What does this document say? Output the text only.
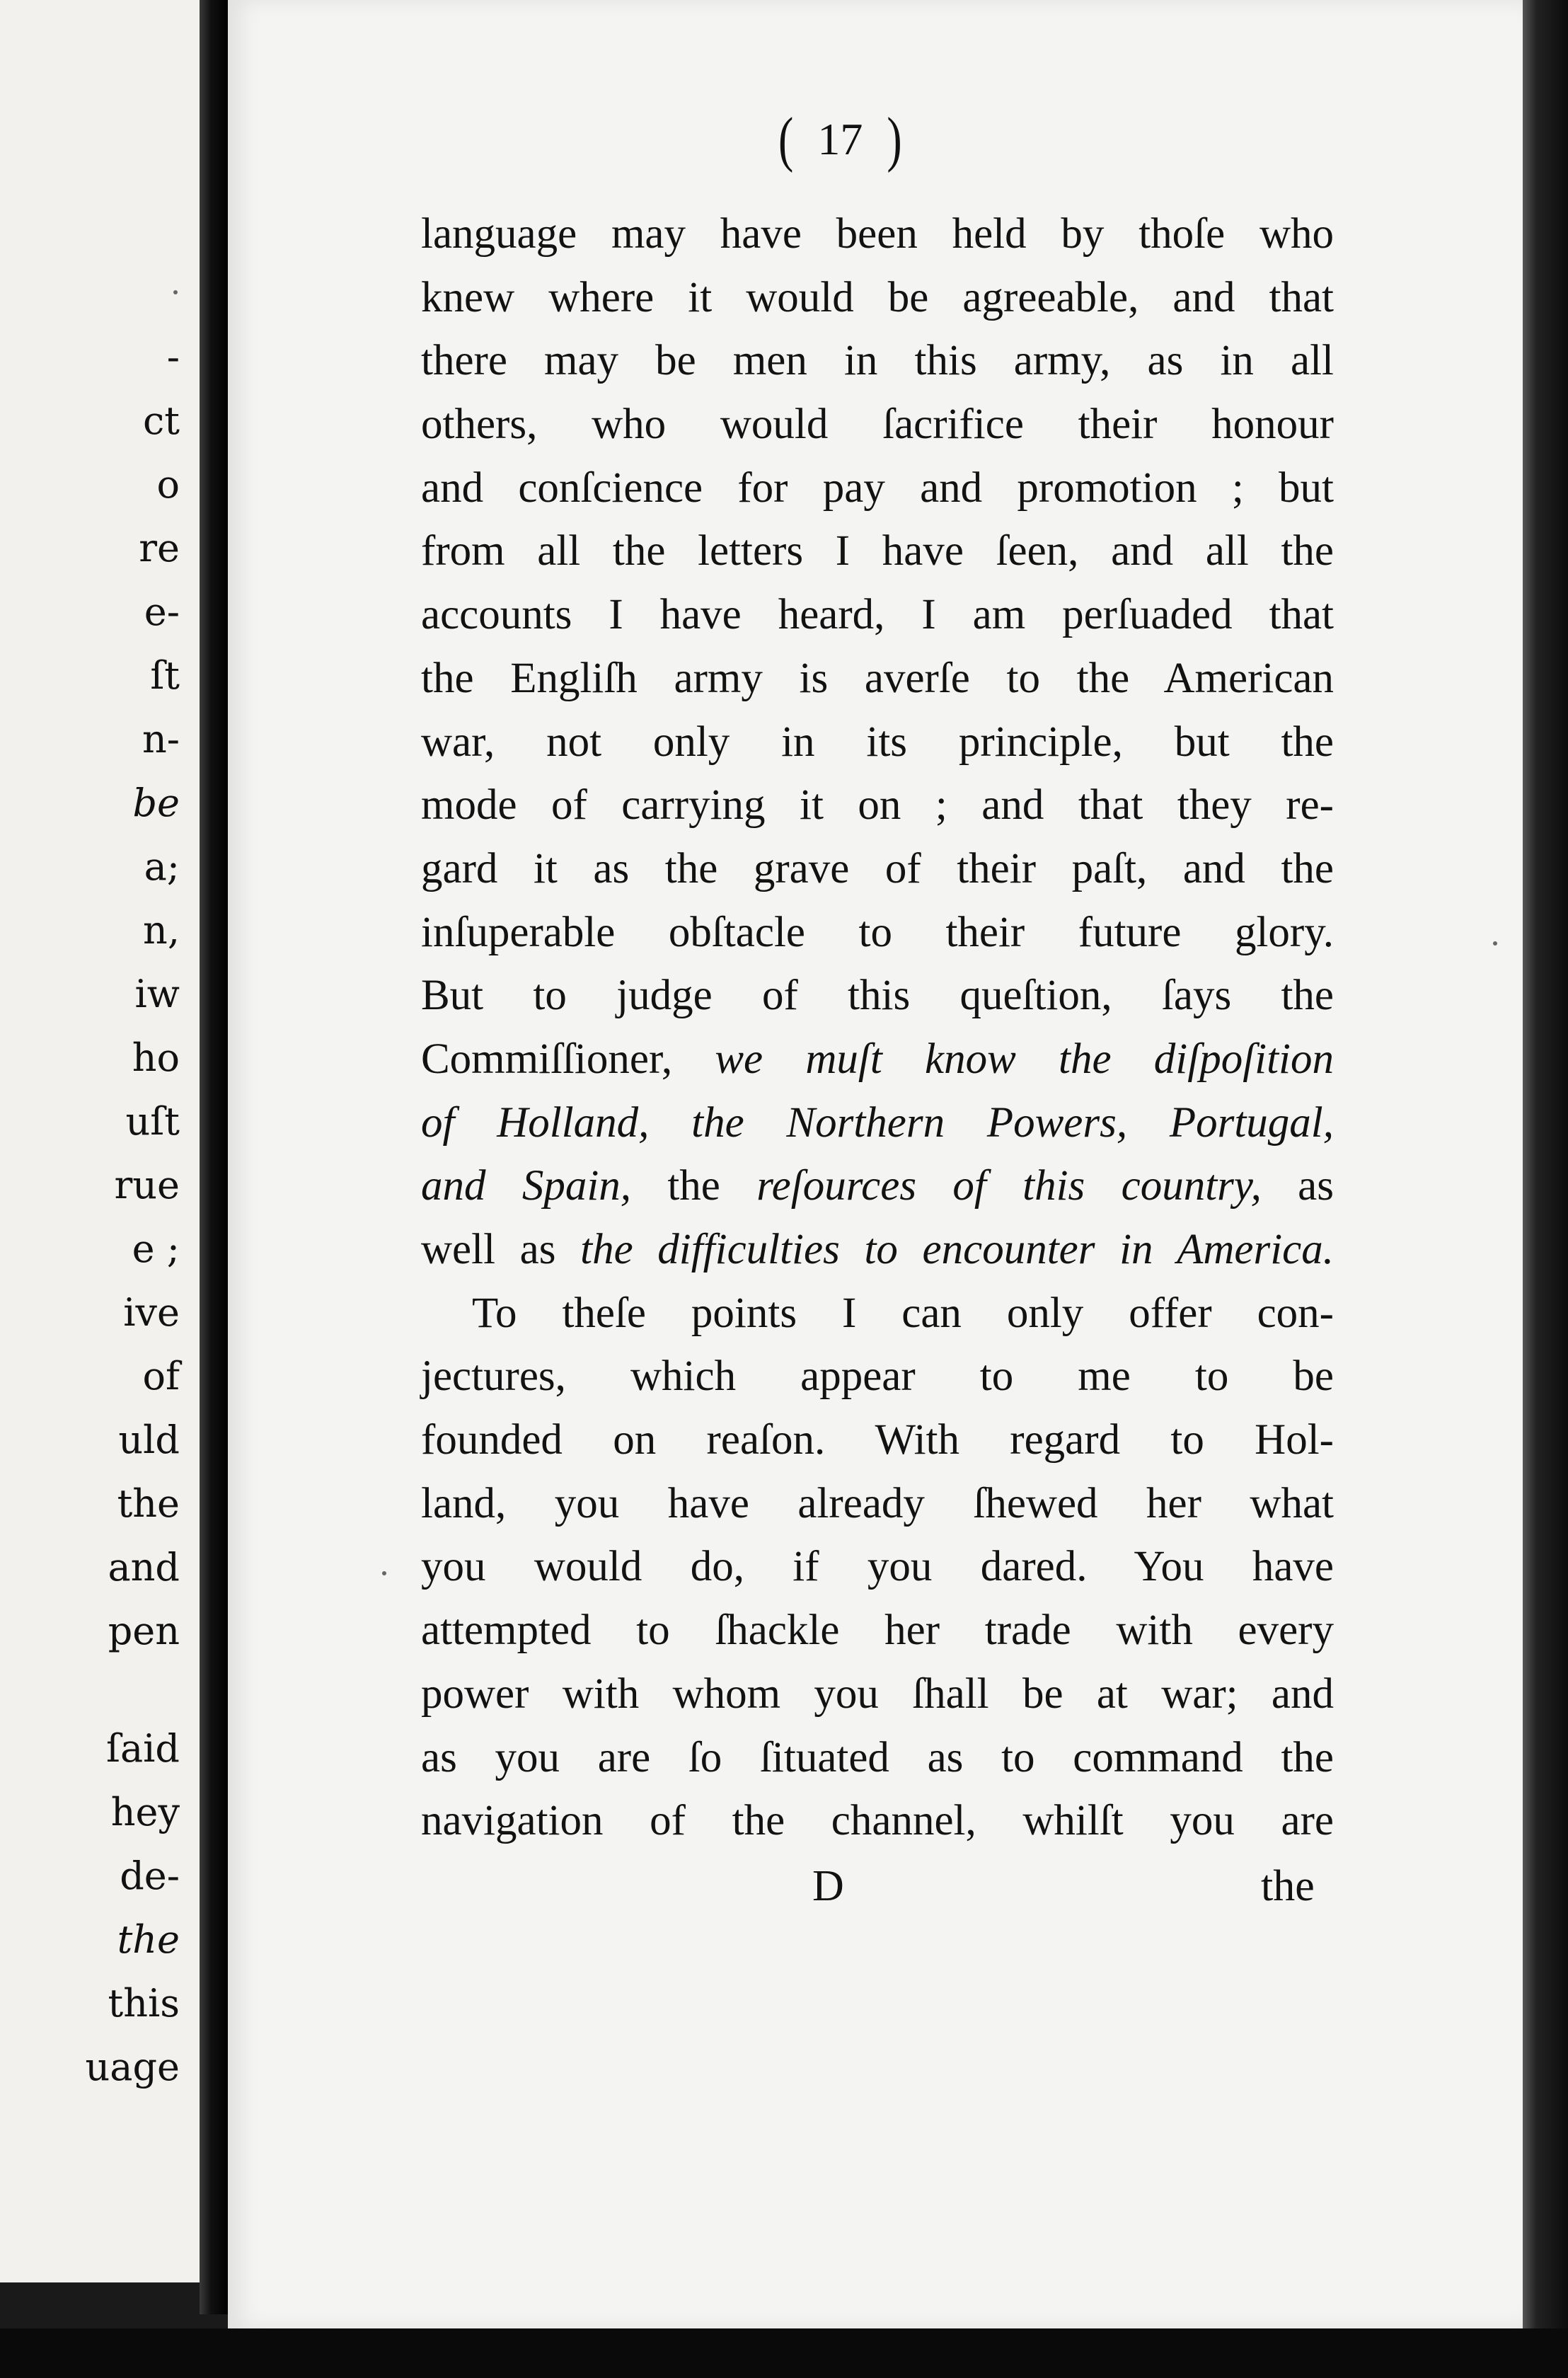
-
ct
o
re
e-
ſt
n-
be
a;
n,
iw
ho
uſt
rue
e ;
ive
of
uld
the
and
pen
ſaid
hey
de-
the
this
uage
( 17 )
language may have been held by thoſe who
knew where it would be agreeable, and that
there may be men in this army, as in all
others, who would ſacrifice their honour
and conſcience for pay and promotion ; but
from all the letters I have ſeen, and all the
accounts I have heard, I am perſuaded that
the Engliſh army is averſe to the American
war, not only in its principle, but the
mode of carrying it on ; and that they re-
gard it as the grave of their paſt, and the
inſuperable obſtacle to their future glory.
But to judge of this queſtion, ſays the
Commiſſioner, we muſt know the diſpoſition
of Holland, the Northern Powers, Portugal,
and Spain, the reſources of this country, as
well as the difficulties to encounter in America.
To theſe points I can only offer con-
jectures, which appear to me to be
founded on reaſon. With regard to Hol-
land, you have already ſhewed her what
you would do, if you dared. You have
attempted to ſhackle her trade with every
power with whom you ſhall be at war; and
as you are ſo ſituated as to command the
navigation of the channel, whilſt you are
D	the
